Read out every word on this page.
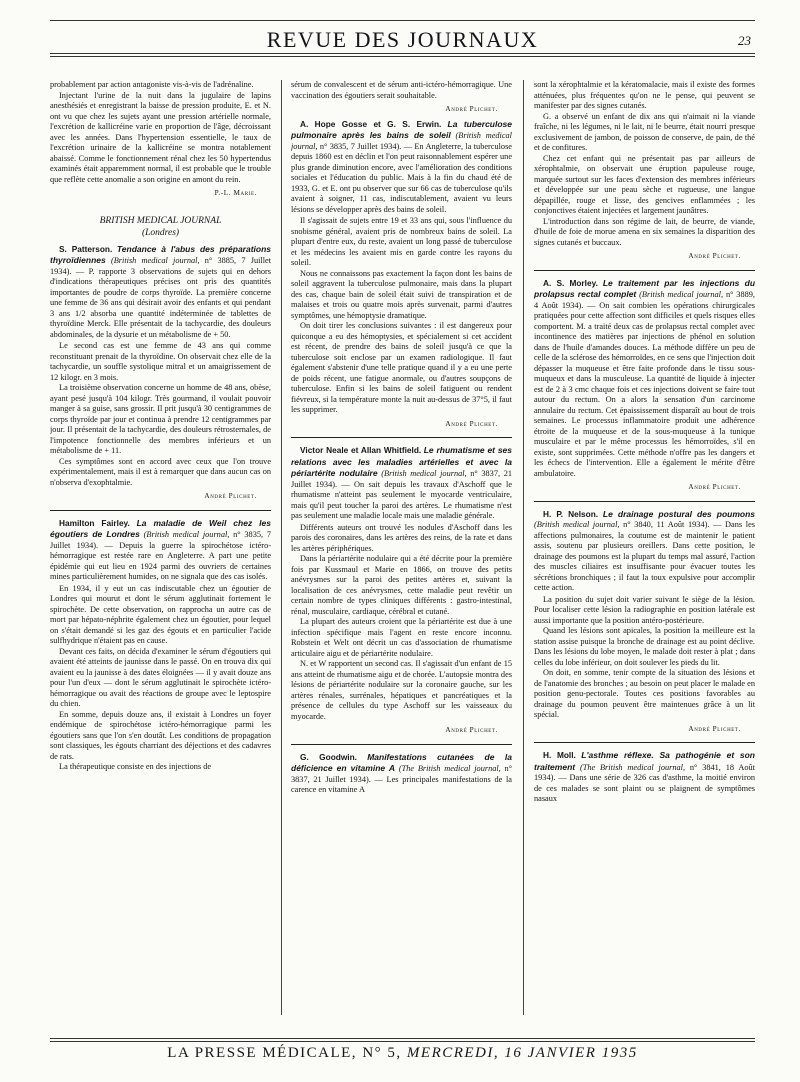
REVUE DES JOURNAUX	23

probablement par action antagoniste vis-à-vis de l'adrénaline.

Injectant l'urine de la nuit dans la jugulaire de lapins anesthésiés et enregistrant la baisse de pression produite, E. et N. ont vu que chez les sujets ayant une pression artérielle normale, l'excrétion de kallicréine varie en proportion de l'âge, décroissant avec les années. Dans l'hypertension essentielle, le taux de l'excrétion urinaire de la kallicréine se montra notablement abaissé. Comme le fonctionnement rénal chez les 50 hypertendus examinés était apparemment normal, il est probable que le trouble que reflète cette anomalie a son origine en amont du rein.

P.-L. Marie.

BRITISH MEDICAL JOURNAL
(Londres)

S. Patterson. Tendance à l'abus des préparations thyroïdiennes (British medical journal, n° 3885, 7 Juillet 1934). — P. rapporte 3 observations de sujets qui en dehors d'indications thérapeutiques précises ont pris des quantités importantes de poudre de corps thyroïde. La première concerne une femme de 36 ans qui désirait avoir des enfants et qui pendant 3 ans 1/2 absorba une quantité indéterminée de tablettes de thyroïdine Merck. Elle présentait de la tachycardie, des douleurs abdominales, de la dysurie et un métabolisme de + 50.

Le second cas est une femme de 43 ans qui comme reconstituant prenait de la thyroïdine. On observait chez elle de la tachycardie, un souffle systolique mitral et un amaigrissement de 12 kilogr. en 3 mois.

La troisième observation concerne un homme de 48 ans, obèse, ayant pesé jusqu'à 104 kilogr. Très gourmand, il voulait pouvoir manger à sa guise, sans grossir. Il prit jusqu'à 30 centigrammes de corps thyroïde par jour et continua à prendre 12 centigrammes par jour. Il présentait de la tachycardie, des douleurs rétrosternales, de l'impotence fonctionnelle des membres inférieurs et un métabolisme de + 11.

Ces symptômes sont en accord avec ceux que l'on trouve expérimentalement, mais il est à remarquer que dans aucun cas on n'observa d'exophtalmie.

André Plichet.

Hamilton Fairley. La maladie de Weil chez les égoutiers de Londres (British medical journal, n° 3835, 7 Juillet 1934). — Depuis la guerre la spirochétose ictéro-hémorragique est restée rare en Angleterre. A part une petite épidémie qui eut lieu en 1924 parmi des ouvriers de certaines mines particulièrement humides, on ne signala que des cas isolés.

En 1934, il y eut un cas indiscutable chez un égoutier de Londres qui mourut et dont le sérum agglutinait fortement le spirochète. De cette observation, on rapprocha un autre cas de mort par hépato-néphrite également chez un égoutier, pour lequel on s'était demandé si les gaz des égouts et en particulier l'acide sulfhydrique n'étaient pas en cause.

Devant ces faits, on décida d'examiner le sérum d'égoutiers qui avaient été atteints de jaunisse dans le passé. On en trouva dix qui avaient eu la jaunisse à des dates éloignées — il y avait douze ans pour l'un d'eux — dont le sérum agglutinait le spirochète ictéro-hémorragique ou avait des réactions de groupe avec le leptospire du chien.

En somme, depuis douze ans, il existait à Londres un foyer endémique de spirochétose ictéro-hémorragique parmi les égoutiers sans que l'on s'en doutât. Les conditions de propagation sont classiques, les égouts charriant des déjections et des cadavres de rats.

La thérapeutique consiste en des injections de

sérum de convalescent et de sérum anti-ictéro-hémorragique. Une vaccination des égoutiers serait souhaitable.

André Plichet.

A. Hope Gosse et G. S. Erwin. La tuberculose pulmonaire après les bains de soleil (British medical journal, n° 3835, 7 Juillet 1934). — En Angleterre, la tuberculose depuis 1860 est en déclin et l'on peut raisonnablement espérer une plus grande diminution encore, avec l'amélioration des conditions sociales et l'éducation du public. Mais à la fin du chaud été de 1933, G. et E. ont pu observer que sur 66 cas de tuberculose qu'ils avaient à soigner, 11 cas, indiscutablement, avaient vu leurs lésions se développer après des bains de soleil.

Il s'agissait de sujets entre 19 et 33 ans qui, sous l'influence du snobisme général, avaient pris de nombreux bains de soleil. La plupart d'entre eux, du reste, avaient un long passé de tuberculose et les médecins les avaient mis en garde contre les rayons du soleil.

Nous ne connaissons pas exactement la façon dont les bains de soleil aggravent la tuberculose pulmonaire, mais dans la plupart des cas, chaque bain de soleil était suivi de transpiration et de malaises et trois ou quatre mois après survenait, parmi d'autres symptômes, une hémoptysie dramatique.

On doit tirer les conclusions suivantes : il est dangereux pour quiconque a eu des hémoptysies, et spécialement si cet accident est récent, de prendre des bains de soleil jusqu'à ce que la tuberculose soit enclose par un examen radiologique. Il faut également s'abstenir d'une telle pratique quand il y a eu une perte de poids récent, une fatigue anormale, ou d'autres soupçons de tuberculose. Enfin si les bains de soleil fatiguent ou rendent fiévreux, si la température monte la nuit au-dessus de 37°5, il faut les supprimer.

André Plichet.

Victor Neale et Allan Whitfield. Le rhumatisme et ses relations avec les maladies artérielles et avec la périartérite nodulaire (British medical journal, n° 3837, 21 Juillet 1934). — On sait depuis les travaux d'Aschoff que le rhumatisme n'atteint pas seulement le myocarde ventriculaire, mais qu'il peut toucher la paroi des artères. Le rhumatisme n'est pas seulement une maladie locale mais une maladie générale.

Différents auteurs ont trouvé les nodules d'Aschoff dans les parois des coronaires, dans les artères des reins, de la rate et dans les artères périphériques.

Dans la périartérite nodulaire qui a été décrite pour la première fois par Kussmaul et Marie en 1866, on trouve des petits anévrysmes sur la paroi des petites artères et, suivant la localisation de ces anévrysmes, cette maladie peut revêtir un certain nombre de types cliniques différents : gastro-intestinal, rénal, musculaire, cardiaque, cérébral et cutané.

La plupart des auteurs croient que la périartérite est due à une infection spécifique mais l'agent en reste encore inconnu. Robstein et Welt ont décrit un cas d'association de rhumatisme articulaire aigu et de périartérite nodulaire.

N. et W rapportent un second cas. Il s'agissait d'un enfant de 15 ans atteint de rhumatisme aigu et de chorée. L'autopsie montra des lésions de périartérite nodulaire sur la coronaire gauche, sur les artères rénales, surrénales, hépatiques et pancréatiques et la présence de cellules du type Aschoff sur les vaisseaux du myocarde.

André Plichet.

G. Goodwin. Manifestations cutanées de la déficience en vitamine A (The British medical journal, n° 3837, 21 Juillet 1934). — Les principales manifestations de la carence en vitamine A

sont la xérophtalmie et la kératomalacie, mais il existe des formes atténuées, plus fréquentes qu'on ne le pense, qui peuvent se manifester par des signes cutanés.

G. a observé un enfant de dix ans qui n'aimait ni la viande fraîche, ni les légumes, ni le lait, ni le beurre, était nourri presque exclusivement de jambon, de poisson de conserve, de pain, de thé et de confitures.

Chez cet enfant qui ne présentait pas par ailleurs de xérophtalmie, on observait une éruption papuleuse rouge, marquée surtout sur les faces d'extension des membres inférieurs et développée sur une peau sèche et rugueuse, une langue dépapillée, rouge et lisse, des gencives enflammées ; les conjonctives étaient injectées et largement jaunâtres.

L'introduction dans son régime de lait, de beurre, de viande, d'huile de foie de morue amena en six semaines la disparition des signes cutanés et buccaux.

André Plichet.

A. S. Morley. Le traitement par les injections du prolapsus rectal complet (British medical journal, n° 3889, 4 Août 1934). — On sait combien les opérations chirurgicales pratiquées pour cette affection sont difficiles et quels risques elles comportent. M. a traité deux cas de prolapsus rectal complet avec incontinence des matières par injections de phénol en solution dans de l'huile d'amandes douces. La méthode diffère un peu de celle de la sclérose des hémorroïdes, en ce sens que l'injection doit dépasser la muqueuse et être faite profonde dans le tissu sous-muqueux et dans la musculeuse. La quantité de liquide à injecter est de 2 à 3 cmc chaque fois et ces injections doivent se faire tout autour du rectum. On a alors la sensation d'un carcinome annulaire du rectum. Cet épaississement disparaît au bout de trois semaines. Le processus inflammatoire produit une adhérence étroite de la muqueuse et de la sous-muqueuse à la tunique musculaire et par le même processus les hémorroïdes, s'il en existe, sont supprimées. Cette méthode n'offre pas les dangers et les échecs de l'intervention. Elle a également le mérite d'être ambulatoire.

André Plichet.

H. P. Nelson. Le drainage postural des poumons (British medical journal, n° 3840, 11 Août 1934). — Dans les affections pulmonaires, la coutume est de maintenir le patient assis, soutenu par plusieurs oreillers. Dans cette position, le drainage des poumons est la plupart du temps mal assuré, l'action des muscles ciliaires est insuffisante pour évacuer toutes les sécrétions bronchiques ; il faut la toux expulsive pour accomplir cette action.

La position du sujet doit varier suivant le siège de la lésion. Pour localiser cette lésion la radiographie en position latérale est aussi importante que la position antéro-postérieure.

Quand les lésions sont apicales, la position la meilleure est la station assise puisque la bronche de drainage est au point déclive. Dans les lésions du lobe moyen, le malade doit rester à plat ; dans celles du lobe inférieur, on doit soulever les pieds du lit.

On doit, en somme, tenir compte de la situation des lésions et de l'anatomie des bronches ; au besoin on peut placer le malade en position genu-pectorale. Toutes ces positions favorables au drainage du poumon peuvent être maintenues grâce à un lit spécial.

André Plichet.

H. Moll. L'asthme réflexe. Sa pathogénie et son traitement (The British medical journal, n° 3841, 18 Août 1934). — Dans une série de 326 cas d'asthme, la moitié environ de ces malades se sont plaint ou se plaignent de symptômes nasaux

LA PRESSE MÉDICALE, N° 5, MERCREDI, 16 JANVIER 1935
